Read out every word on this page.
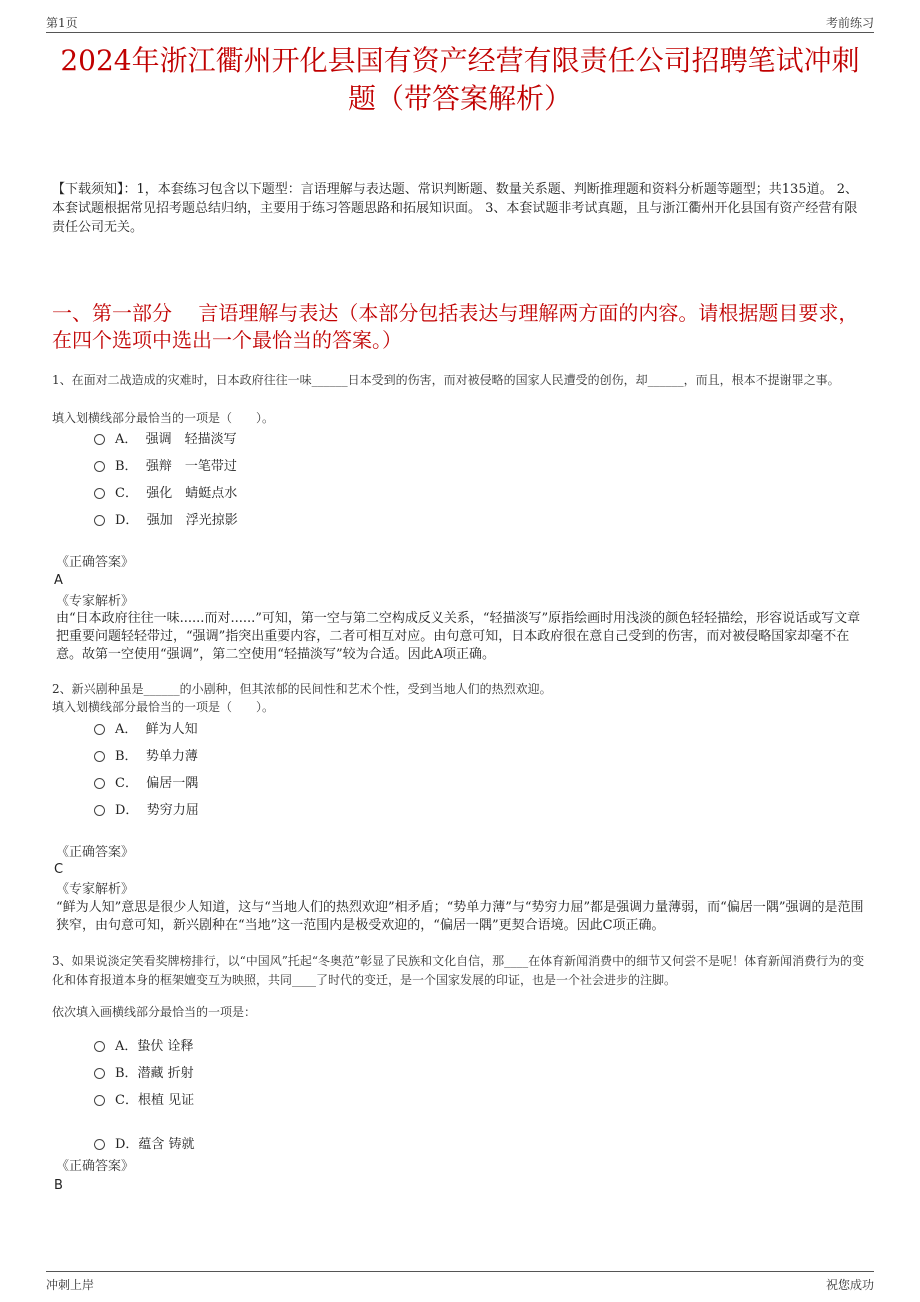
第1页	考前练习
2024年浙江衢州开化县国有资产经营有限责任公司招聘笔试冲刺题（带答案解析）
【下载须知】：1，本套练习包含以下题型：言语理解与表达题、常识判断题、数量关系题、判断推理题和资料分析题等题型；共135道。 2、本套试题根据常见招考题总结归纳，主要用于练习答题思路和拓展知识面。 3、本套试题非考试真题，且与浙江衢州开化县国有资产经营有限责任公司无关。
一、第一部分　 言语理解与表达（本部分包括表达与理解两方面的内容。请根据题目要求，在四个选项中选出一个最恰当的答案。）
1、在面对二战造成的灾难时，日本政府往往一味______日本受到的伤害，而对被侵略的国家人民遭受的创伤，却______，而且，根本不提谢罪之事。
填入划横线部分最恰当的一项是（　　）。
A．  强调　轻描淡写
B．  强辩　一笔带过
C．  强化　蜻蜓点水
D．  强加　浮光掠影
《正确答案》
A
《专家解析》
由“日本政府往往一味......而对......”可知，第一空与第二空构成反义关系，“轻描淡写”原指绘画时用浅淡的颜色轻轻描绘，形容说话或写文章把重要问题轻轻带过，“强调”指突出重要内容，二者可相互对应。由句意可知，日本政府很在意自己受到的伤害，而对被侵略国家却毫不在意。故第一空使用“强调”，第二空使用“轻描淡写”较为合适。因此A项正确。
2、新兴剧种虽是______的小剧种，但其浓郁的民间性和艺术个性，受到当地人们的热烈欢迎。
填入划横线部分最恰当的一项是（　　）。
A．  鲜为人知
B．  势单力薄
C．  偏居一隅
D．  势穷力屈
《正确答案》
C
《专家解析》
“鲜为人知”意思是很少人知道，这与“当地人们的热烈欢迎”相矛盾；“势单力薄”与“势穷力屈”都是强调力量薄弱，而“偏居一隅”强调的是范围狭窄，由句意可知，新兴剧种在“当地”这一范围内是极受欢迎的，“偏居一隅”更契合语境。因此C项正确。
3、如果说淡定笑看奖牌榜排行，以“中国风”托起“冬奥范”彰显了民族和文化自信，那____在体育新闻消费中的细节又何尝不是呢！体育新闻消费行为的变化和体育报道本身的框架嬗变互为映照，共同____了时代的变迁，是一个国家发展的印证，也是一个社会进步的注脚。
依次填入画横线部分最恰当的一项是：
A．蛰伏 诠释
B．潜藏 折射
C．根植 见证
D．蕴含 铸就
《正确答案》
B
冲刺上岸	祝您成功
